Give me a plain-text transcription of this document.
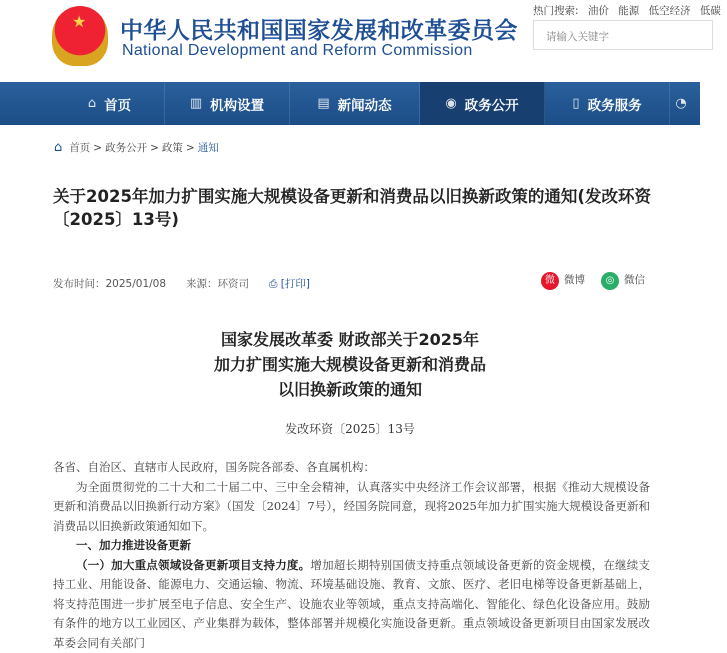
★ 中华人民共和国国家发展和改革委员会
National Development and Reform Commission
热门搜索: 油价 能源 低空经济 低碳
请输入关键字
⌂ 首页	▥ 机构设置	▤ 新闻动态	◉ 政务公开	▯ 政务服务	◔
⌂ 首页 > 政务公开 > 政策 > 通知
关于2025年加力扩围实施大规模设备更新和消费品以旧换新政策的通知(发改环资〔2025〕13号)
发布时间：2025/01/08 来源：环资司 ⎙ [打印]	微 微博	◎ 微信
国家发展改革委 财政部关于2025年
加力扩围实施大规模设备更新和消费品
以旧换新政策的通知
发改环资〔2025〕13号

各省、自治区、直辖市人民政府，国务院各部委、各直属机构：

为全面贯彻党的二十大和二十届二中、三中全会精神，认真落实中央经济工作会议部署，根据《推动大规模设备更新和消费品以旧换新行动方案》（国发〔2024〕7号），经国务院同意，现将2025年加力扩围实施大规模设备更新和消费品以旧换新政策通知如下。

一、加力推进设备更新

（一）加大重点领域设备更新项目支持力度。增加超长期特别国债支持重点领域设备更新的资金规模，在继续支持工业、用能设备、能源电力、交通运输、物流、环境基础设施、教育、文旅、医疗、老旧电梯等设备更新基础上，将支持范围进一步扩展至电子信息、安全生产、设施农业等领域，重点支持高端化、智能化、绿色化设备应用。鼓励有条件的地方以工业园区、产业集群为载体，整体部署并规模化实施设备更新。重点领域设备更新项目由国家发展改革委会同有关部门
